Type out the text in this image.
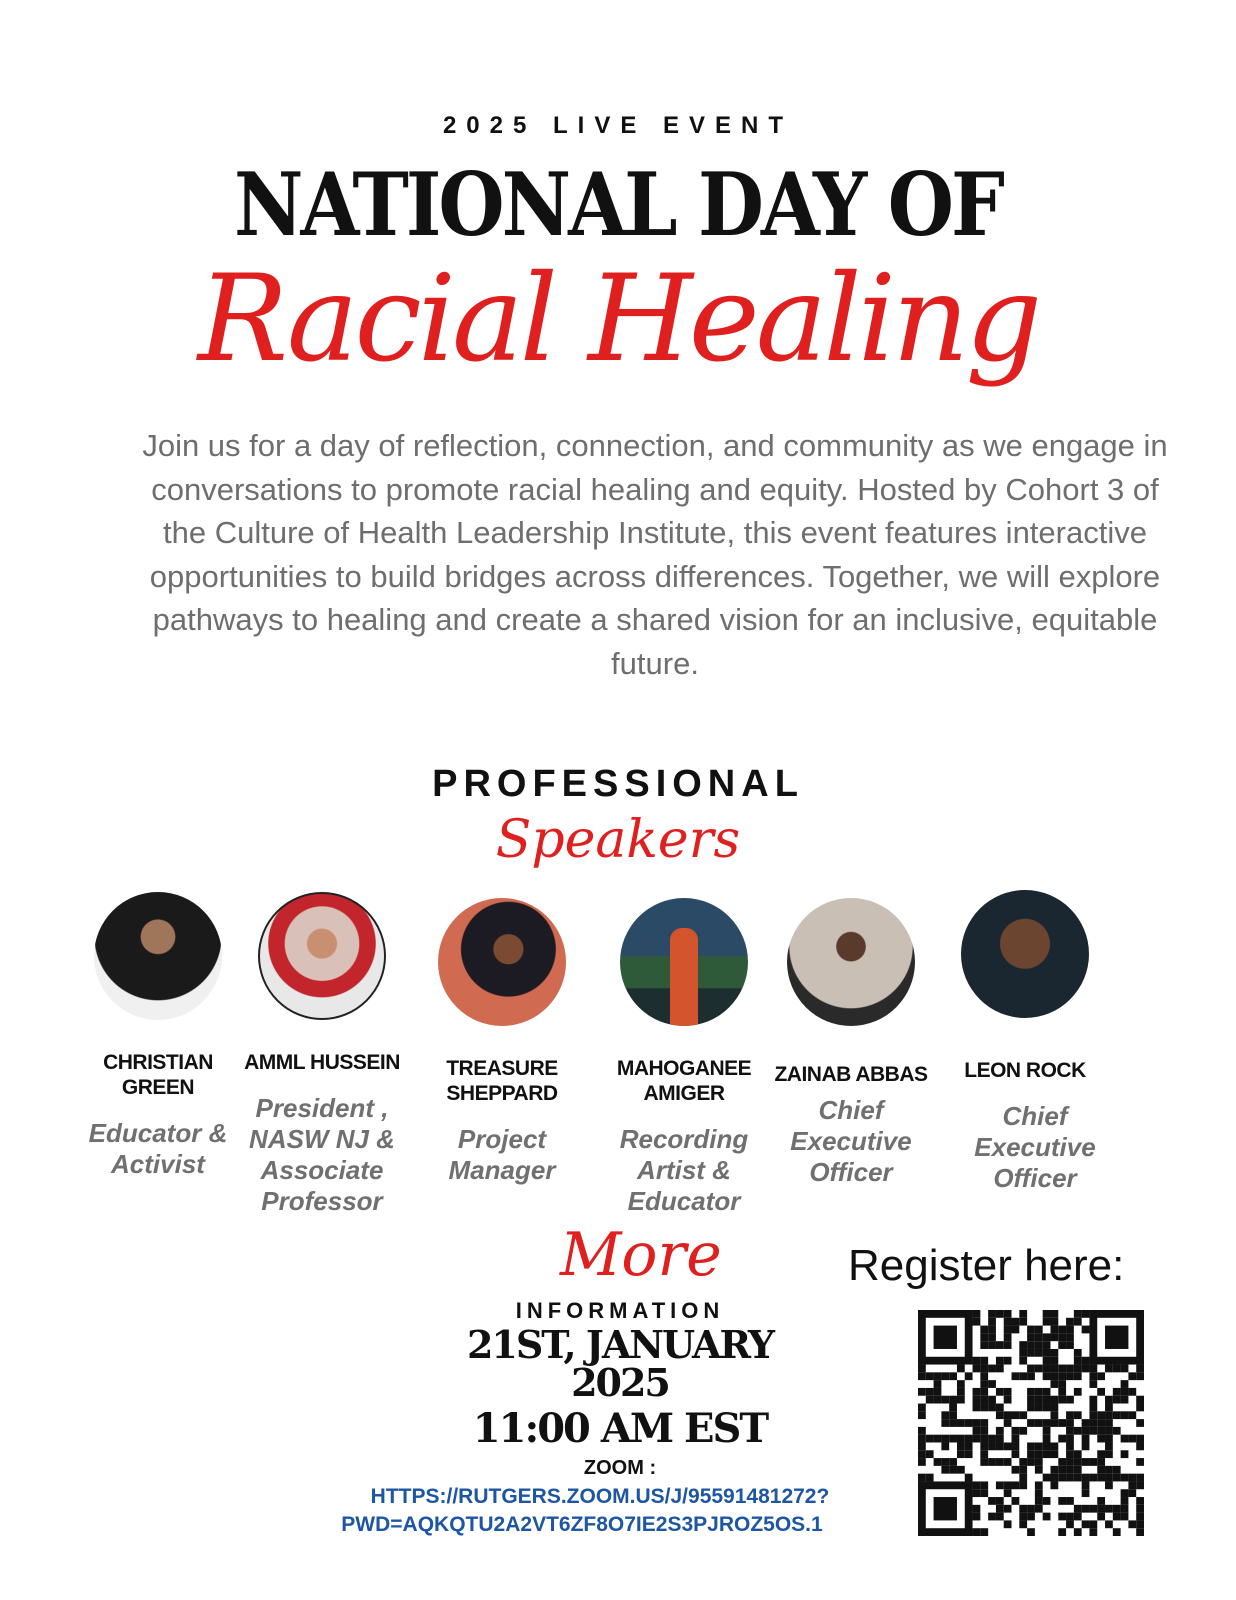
2025 LIVE EVENT
NATIONAL DAY OF
Racial Healing
Join us for a day of reflection, connection, and community as we engage in conversations to promote racial healing and equity. Hosted by Cohort 3 of the Culture of Health Leadership Institute, this event features interactive opportunities to build bridges across differences. Together, we will explore pathways to healing and create a shared vision for an inclusive, equitable future.
PROFESSIONAL
Speakers
CHRISTIAN GREEN
Educator & Activist
AMML HUSSEIN
President , NASW NJ & Associate Professor
TREASURE SHEPPARD
Project Manager
MAHOGANEE AMIGER
Recording Artist & Educator
ZAINAB ABBAS
Chief Executive Officer
LEON ROCK
Chief Executive Officer
More
INFORMATION
21ST, JANUARY 2025
11:00 AM EST
ZOOM :
HTTPS://RUTGERS.ZOOM.US/J/95591481272?
PWD=AQKQTU2A2VT6ZF8O7IE2S3PJROZ5OS.1
Register here:
